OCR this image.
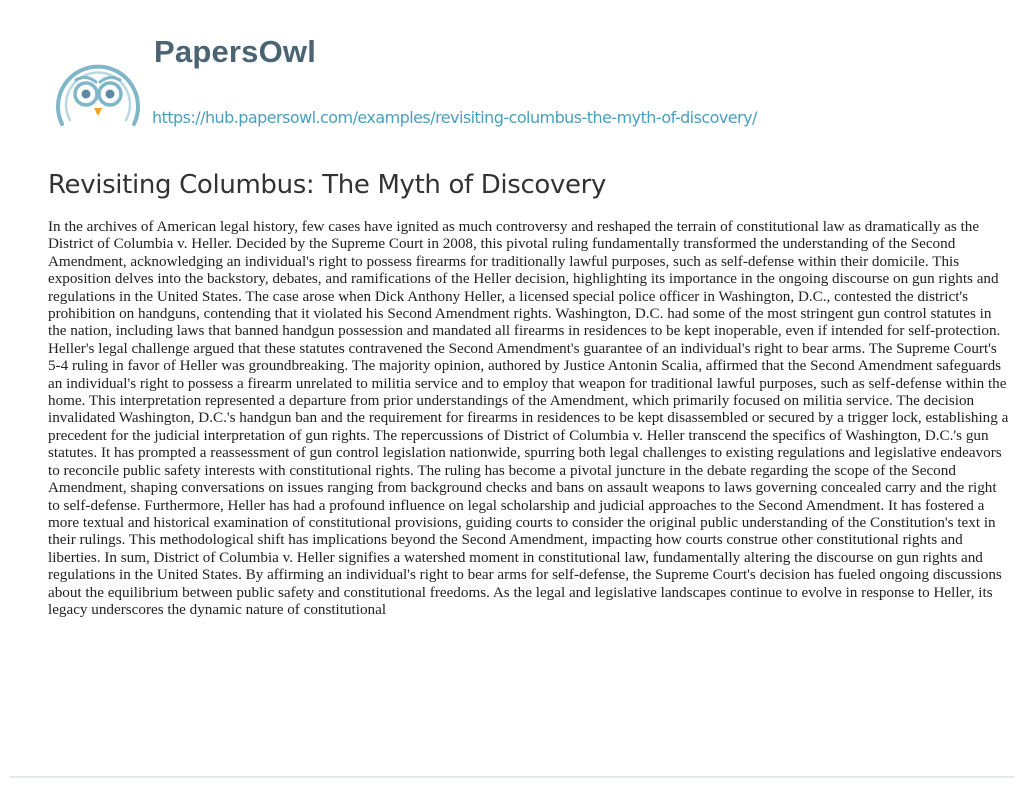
PapersOwl
https://hub.papersowl.com/examples/revisiting-columbus-the-myth-of-discovery/
Revisiting Columbus: The Myth of Discovery

In the archives of American legal history, few cases have ignited as much controversy and reshaped the terrain of constitutional law as dramatically as the District of Columbia v. Heller. Decided by the Supreme Court in 2008, this pivotal ruling fundamentally transformed the understanding of the Second Amendment, acknowledging an individual's right to possess firearms for traditionally lawful purposes, such as self-defense within their domicile. This exposition delves into the backstory, debates, and ramifications of the Heller decision, highlighting its importance in the ongoing discourse on gun rights and regulations in the United States. The case arose when Dick Anthony Heller, a licensed special police officer in Washington, D.C., contested the district's prohibition on handguns, contending that it violated his Second Amendment rights. Washington, D.C. had some of the most stringent gun control statutes in the nation, including laws that banned handgun possession and mandated all firearms in residences to be kept inoperable, even if intended for self-protection. Heller's legal challenge argued that these statutes contravened the Second Amendment's guarantee of an individual's right to bear arms. The Supreme Court's 5-4 ruling in favor of Heller was groundbreaking. The majority opinion, authored by Justice Antonin Scalia, affirmed that the Second Amendment safeguards an individual's right to possess a firearm unrelated to militia service and to employ that weapon for traditional lawful purposes, such as self-defense within the home. This interpretation represented a departure from prior understandings of the Amendment, which primarily focused on militia service. The decision invalidated Washington, D.C.'s handgun ban and the requirement for firearms in residences to be kept disassembled or secured by a trigger lock, establishing a precedent for the judicial interpretation of gun rights. The repercussions of District of Columbia v. Heller transcend the specifics of Washington, D.C.'s gun statutes. It has prompted a reassessment of gun control legislation nationwide, spurring both legal challenges to existing regulations and legislative endeavors to reconcile public safety interests with constitutional rights. The ruling has become a pivotal juncture in the debate regarding the scope of the Second Amendment, shaping conversations on issues ranging from background checks and bans on assault weapons to laws governing concealed carry and the right to self-defense. Furthermore, Heller has had a profound influence on legal scholarship and judicial approaches to the Second Amendment. It has fostered a more textual and historical examination of constitutional provisions, guiding courts to consider the original public understanding of the Constitution's text in their rulings. This methodological shift has implications beyond the Second Amendment, impacting how courts construe other constitutional rights and liberties. In sum, District of Columbia v. Heller signifies a watershed moment in constitutional law, fundamentally altering the discourse on gun rights and regulations in the United States. By affirming an individual's right to bear arms for self-defense, the Supreme Court's decision has fueled ongoing discussions about the equilibrium between public safety and constitutional freedoms. As the legal and legislative landscapes continue to evolve in response to Heller, its legacy underscores the dynamic nature of constitutional
